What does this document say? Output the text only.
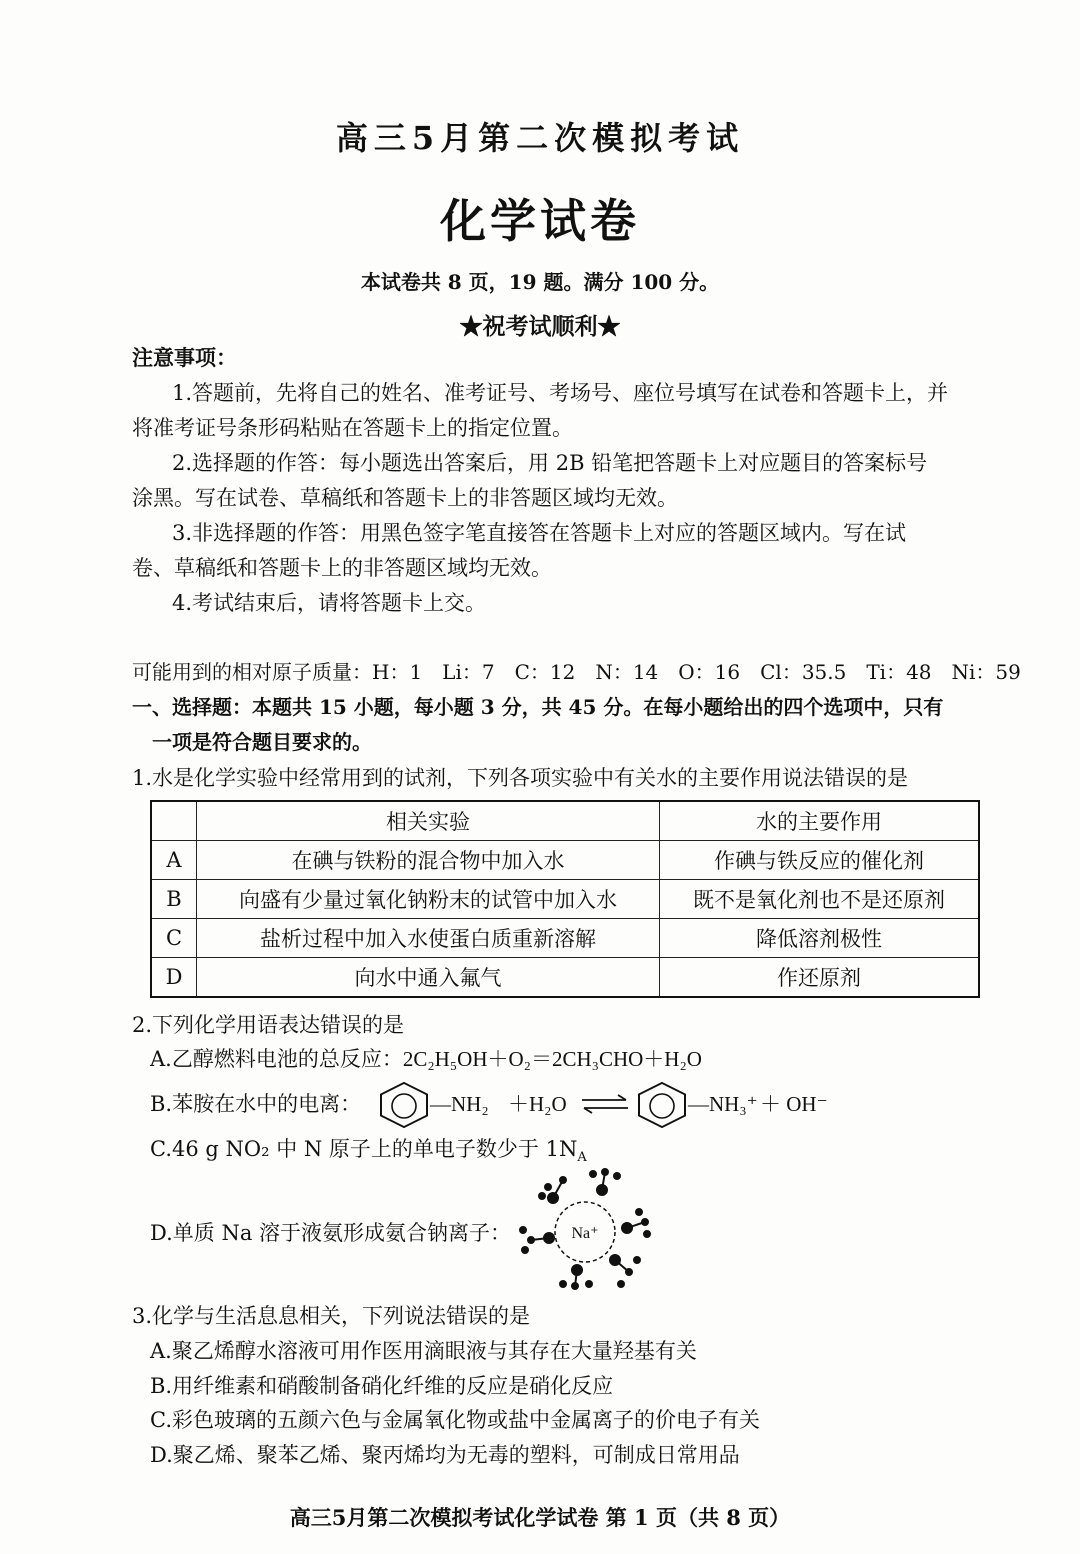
高三5月第二次模拟考试
化学试卷
本试卷共 8 页，19 题。满分 100 分。
★祝考试顺利★
注意事项：
1.答题前，先将自己的姓名、准考证号、考场号、座位号填写在试卷和答题卡上，并
将准考证号条形码粘贴在答题卡上的指定位置。
2.选择题的作答：每小题选出答案后，用 2B 铅笔把答题卡上对应题目的答案标号
涂黑。写在试卷、草稿纸和答题卡上的非答题区域均无效。
3.非选择题的作答：用黑色签字笔直接答在答题卡上对应的答题区域内。写在试
卷、草稿纸和答题卡上的非答题区域均无效。
4.考试结束后，请将答题卡上交。
可能用到的相对原子质量：H：1　Li：7　C：12　N：14　O：16　Cl：35.5　Ti：48　Ni：59
一、选择题：本题共 15 小题，每小题 3 分，共 45 分。在每小题给出的四个选项中，只有
一项是符合题目要求的。
1.水是化学实验中经常用到的试剂，下列各项实验中有关水的主要作用说法错误的是
	相关实验	水的主要作用
A	在碘与铁粉的混合物中加入水	作碘与铁反应的催化剂
B	向盛有少量过氧化钠粉末的试管中加入水	既不是氧化剂也不是还原剂
C	盐析过程中加入水使蛋白质重新溶解	降低溶剂极性
D	向水中通入氟气	作还原剂
2.下列化学用语表达错误的是
A.乙醇燃料电池的总反应：2C₂H₅OH＋O₂＝2CH₃CHO＋H₂O
B.苯胺在水中的电离：	—NH₂ ＋H₂O ⇌	—NH₃⁺ ＋ OH⁻
C.46 g NO₂ 中 N 原子上的单电子数少于 $1N_A$
D.单质 Na 溶于液氨形成氨合钠离子：	Na⁺
3.化学与生活息息相关，下列说法错误的是
A.聚乙烯醇水溶液可用作医用滴眼液与其存在大量羟基有关
B.用纤维素和硝酸制备硝化纤维的反应是硝化反应
C.彩色玻璃的五颜六色与金属氧化物或盐中金属离子的价电子有关
D.聚乙烯、聚苯乙烯、聚丙烯均为无毒的塑料，可制成日常用品
高三5月第二次模拟考试化学试卷 第 1 页（共 8 页）
